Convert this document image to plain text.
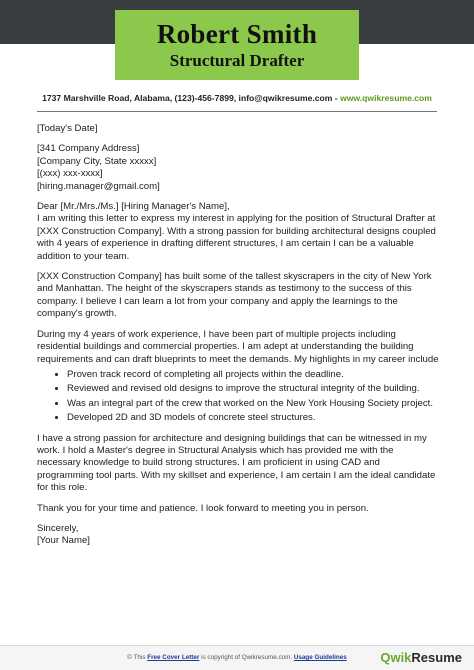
Robert Smith
Structural Drafter
1737 Marshville Road, Alabama, (123)-456-7899, info@qwikresume.com - www.qwikresume.com

[Today's Date]

[341 Company Address]
[Company City, State xxxxx]
[(xxx) xxx-xxxx]
[hiring.manager@gmail.com]

Dear [Mr./Mrs./Ms.] [Hiring Manager's Name],

I am writing this letter to express my interest in applying for the position of Structural Drafter at [XXX Construction Company]. With a strong passion for building architectural designs coupled with 4 years of experience in drafting different structures, I am certain I can be a valuable addition to your team.

[XXX Construction Company] has built some of the tallest skyscrapers in the city of New York and Manhattan. The height of the skyscrapers stands as testimony to the success of this company. I believe I can learn a lot from your company and apply the learnings to the company's growth.

During my 4 years of work experience, I have been part of multiple projects including residential buildings and commercial properties. I am adept at understanding the building requirements and can draft blueprints to meet the demands. My highlights in my career include

• Proven track record of completing all projects within the deadline.
• Reviewed and revised old designs to improve the structural integrity of the building.
• Was an integral part of the crew that worked on the New York Housing Society project.
• Developed 2D and 3D models of concrete steel structures.

I have a strong passion for architecture and designing buildings that can be witnessed in my work. I hold a Master's degree in Structural Analysis which has provided me with the necessary knowledge to build strong structures. I am proficient in using CAD and programming tool parts. With my skillset and experience, I am certain I am the ideal candidate for this role.

Thank you for your time and patience. I look forward to meeting you in person.

Sincerely,
[Your Name]
© This Free Cover Letter is copyright of Qwikresume.com. Usage Guidelines	QwikResume
